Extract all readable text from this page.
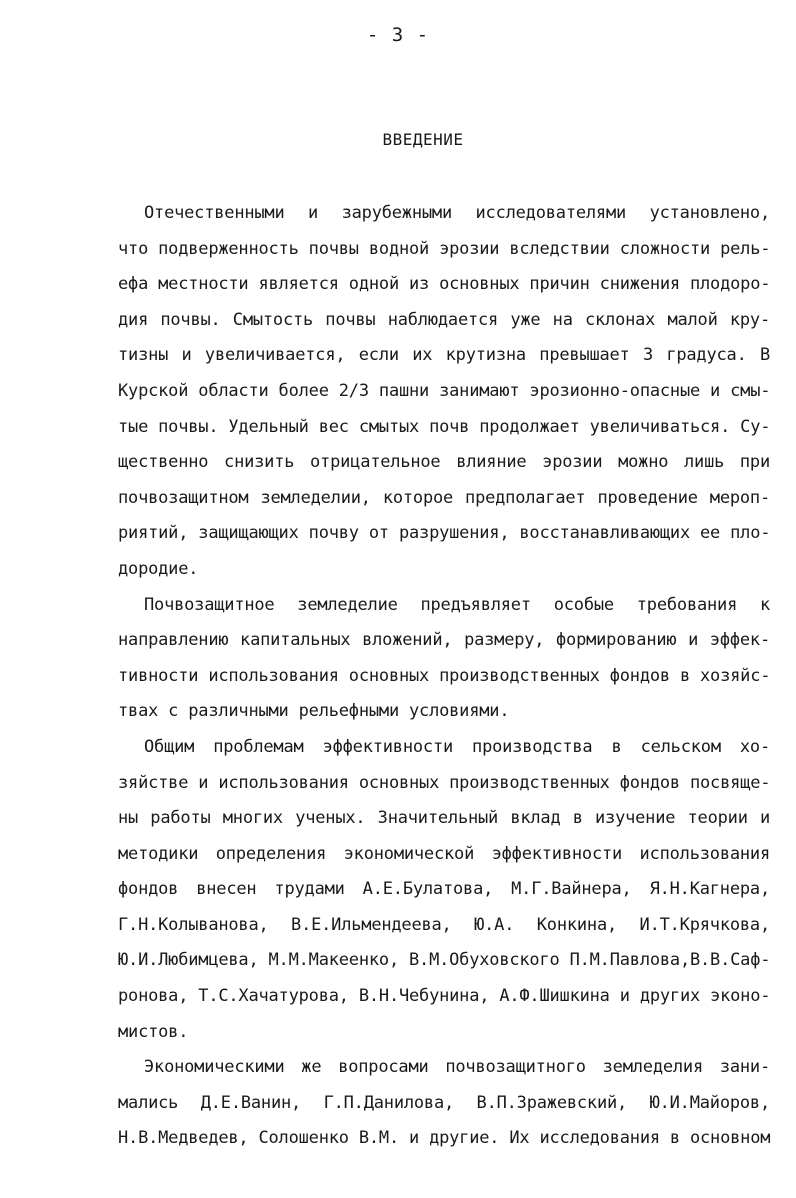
- 3 -
ВВЕДЕНИЕ
Отечественными и зарубежными исследователями установлено,
что подверженность почвы водной эрозии вследствии сложности рель-
ефа местности является одной из основных причин снижения плодоро-
дия почвы. Смытость почвы наблюдается уже на склонах малой кру-
тизны и увеличивается, если их крутизна превышает 3 градуса. В
Курской области более 2/3 пашни занимают эрозионно-опасные и смы-
тые почвы. Удельный вес смытых почв продолжает увеличиваться. Су-
щественно снизить отрицательное влияние эрозии можно лишь при
почвозащитном земледелии, которое предполагает проведение мероп-
риятий, защищающих почву от разрушения, восстанавливающих ее пло-
дородие.
Почвозащитное земледелие предъявляет особые требования к
направлению капитальных вложений, размеру, формированию и эффек-
тивности использования основных производственных фондов в хозяйс-
твах с различными рельефными условиями.
Общим проблемам эффективности производства в сельском хо-
зяйстве и использования основных производственных фондов посвяще-
ны работы многих ученых. Значительный вклад в изучение теории и
методики определения экономической эффективности использования
фондов внесен трудами А.Е.Булатова, М.Г.Вайнера, Я.Н.Кагнера,
Г.Н.Колыванова, В.Е.Ильмендеева, Ю.А. Конкина, И.Т.Крячкова,
Ю.И.Любимцева, М.М.Макеенко, В.М.Обуховского П.М.Павлова,В.В.Саф-
ронова, Т.С.Хачатурова, В.Н.Чебунина, А.Ф.Шишкина и других эконо-
мистов.
Экономическими же вопросами почвозащитного земледелия зани-
мались Д.Е.Ванин, Г.П.Данилова, В.П.Зражевский, Ю.И.Майоров,
Н.В.Медведев, Солошенко В.М. и другие. Их исследования в основном
